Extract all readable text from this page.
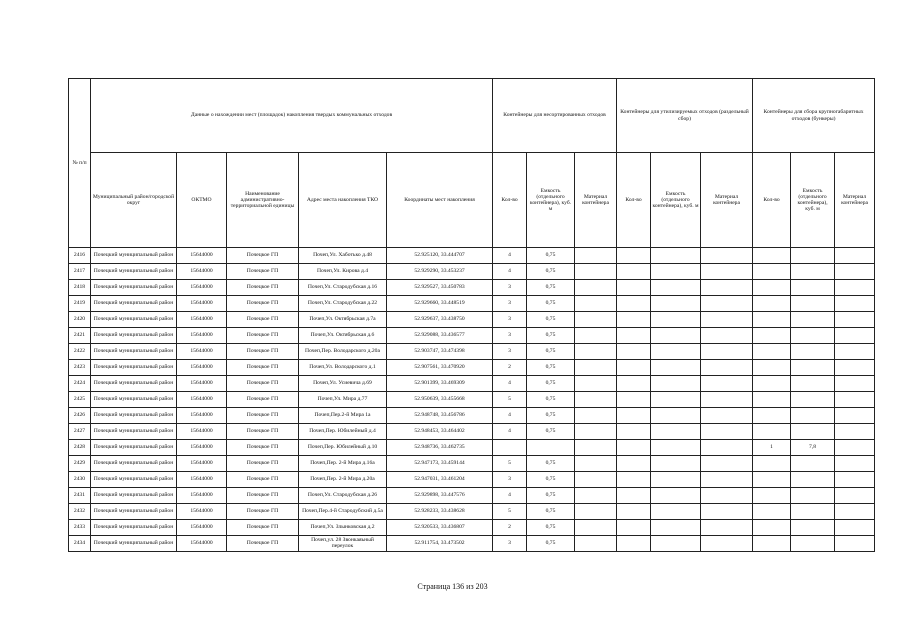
№ п/п	Данные о нахождении мест (площадок) накопления твердых коммунальных отходов					Контейнеры для несортированных отходов			Контейнеры для утилизируемых отходов (раздельный сбор)			Контейнеры для сбора крупногабаритных отходов (бункеры)		
	Муниципальный район/городской округ	ОКТМО	Наименование административно-территориальной единицы	Адрес места накопления ТКО	Координаты мест накопления	Кол-во	Емкость (отдельного контейнера), куб. м	Материал контейнера	Кол-во	Емкость (отдельного контейнера), куб. м	Материал контейнера	Кол-во	Емкость (отдельного контейнера), куб. м	Материал контейнера
2416	Почецкий муниципальный район	15644000	Почецкое ГП	Почеп,Ул. Хаботько д.48	52.925120, 33.444707	4	0,75							
2417	Почецкий муниципальный район	15644000	Почецкое ГП	Почеп,Ул. Кирова д.4	52.929290, 33.453237	4	0,75							
2418	Почецкий муниципальный район	15644000	Почецкое ГП	Почеп,Ул. Стародубская д.16	52.929527, 33.450783	3	0,75							
2419	Почецкий муниципальный район	15644000	Почецкое ГП	Почеп,Ул. Стародубская д.22	52.929660, 33.448519	3	0,75							
2420	Почецкий муниципальный район	15644000	Почецкое ГП	Почеп,Ул. Октябрьская д.7а	52.929637, 33.438750	3	0,75							
2421	Почецкий муниципальный район	15644000	Почецкое ГП	Почеп,Ул. Октябрьская д.6	52.929088, 33.436577	3	0,75							
2422	Почецкий муниципальный район	15644000	Почецкое ГП	Почеп,Пер. Володарского д.20а	52.903747, 33.474398	3	0,75							
2423	Почецкий муниципальный район	15644000	Почецкое ГП	Почеп,Ул. Володарского д.1	52.907561, 33.470920	2	0,75							
2424	Почецкий муниципальный район	15644000	Почецкое ГП	Почеп,Ул. Усиевича д.69	52.901399, 33.469309	4	0,75							
2425	Почецкий муниципальный район	15644000	Почецкое ГП	Почеп,Ул. Мира д.77	52.950639, 33.455668	5	0,75							
2426	Почецкий муниципальный район	15644000	Почецкое ГП	Почеп,Пер.2-й Мира 1а	52.948748, 33.456786	4	0,75							
2427	Почецкий муниципальный район	15644000	Почецкое ГП	Почеп,Пер. Юбилейный д.4	52.948453, 33.464402	4	0,75							
2428	Почецкий муниципальный район	15644000	Почецкое ГП	Почеп,Пер. Юбилейный д.10	52.948736, 33.462735							1	7,8	
2429	Почецкий муниципальный район	15644000	Почецкое ГП	Почеп,Пер. 2-й Мира д.16а	52.947173, 33.459144	5	0,75							
2430	Почецкий муниципальный район	15644000	Почецкое ГП	Почеп,Пер. 2-й Мира д.20а	52.947031, 33.461204	3	0,75							
2431	Почецкий муниципальный район	15644000	Почецкое ГП	Почеп,Ул. Стародубская д.26	52.929898, 33.447576	4	0,75							
2432	Почецкий муниципальный район	15644000	Почецкое ГП	Почеп,Пер.4-й Стародубский д.5а	52.928233, 33.438628	5	0,75							
2433	Почецкий муниципальный район	15644000	Почецкое ГП	Почеп,Ул. Злынковская д.2	52.920533, 33.436807	2	0,75							
2434	Почецкий муниципальный район	15644000	Почецкое ГП	Почеп,ул. 28 Звонкаяьный переулок	52.911754, 33.473502	3	0,75							
Страница 136 из 203
